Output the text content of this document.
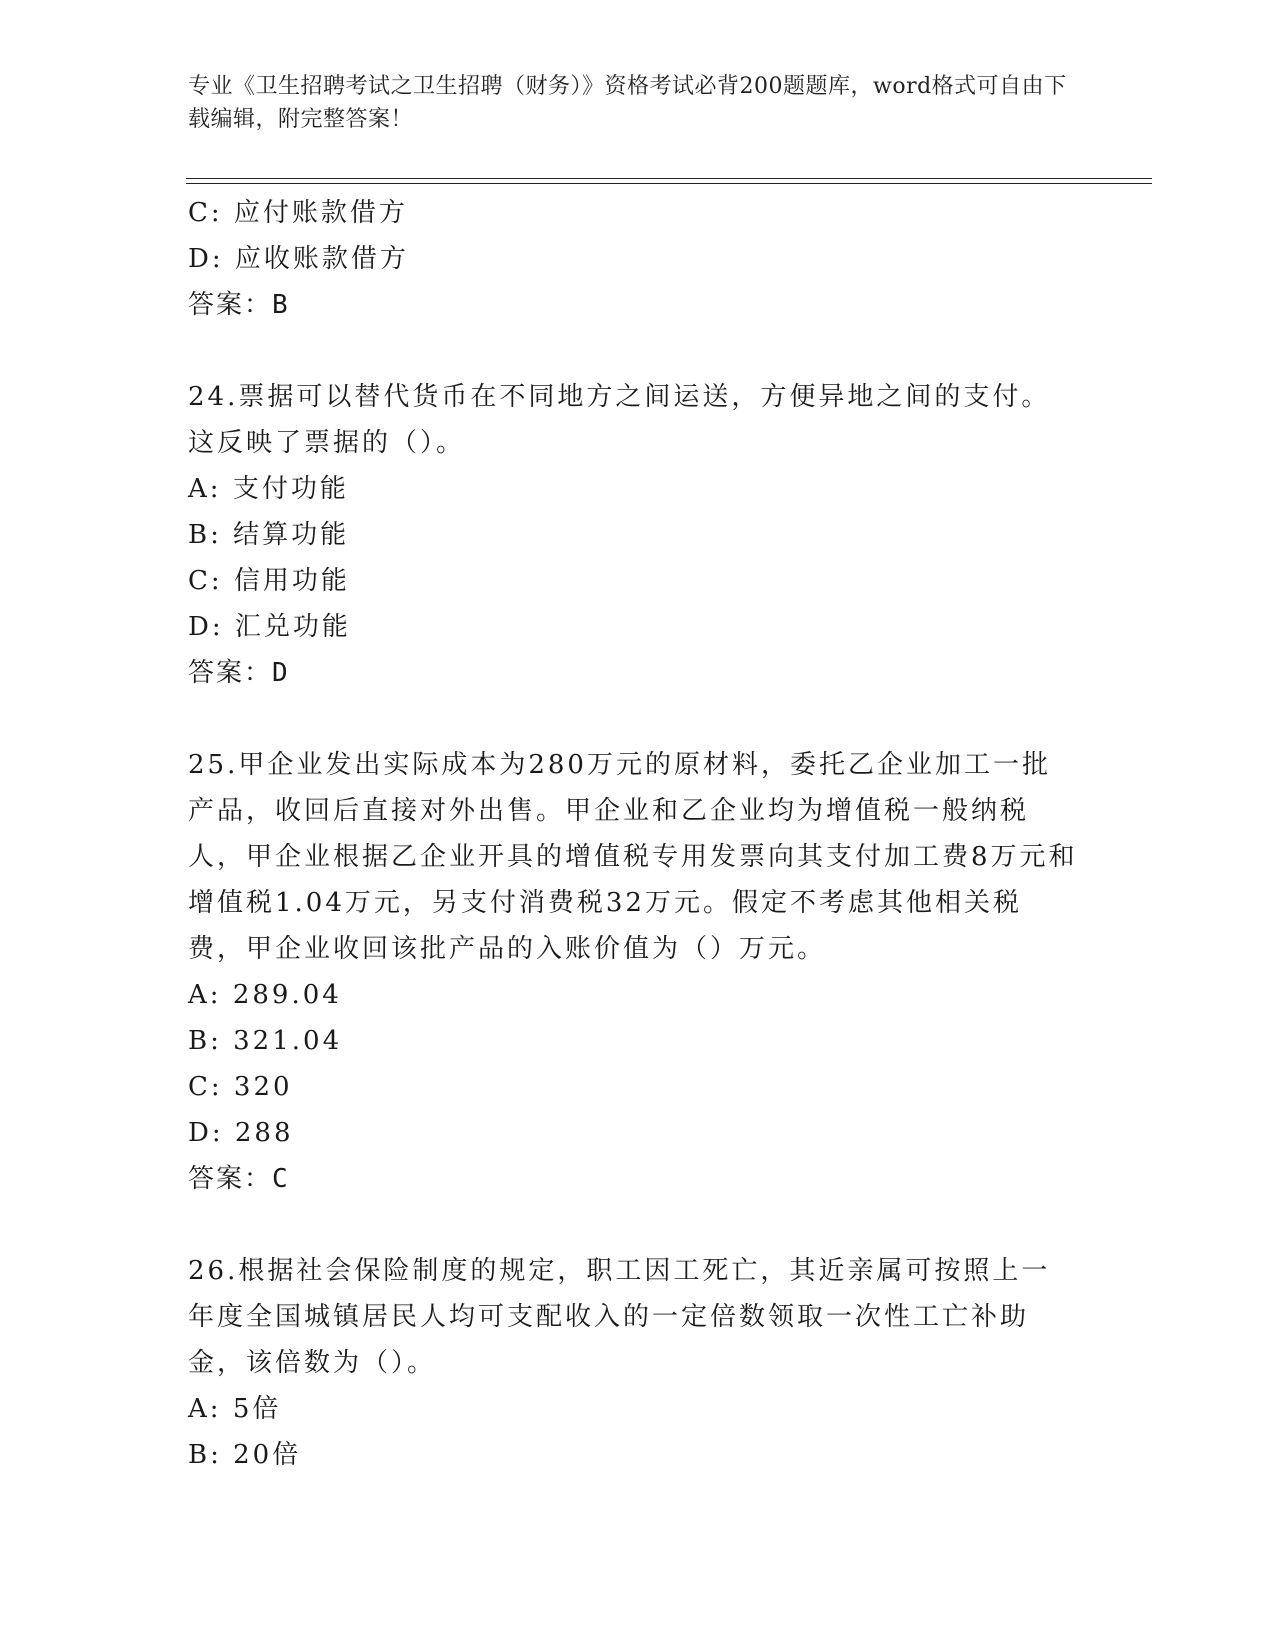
专业《卫生招聘考试之卫生招聘（财务）》资格考试必背200题题库，word格式可自由下载编辑，附完整答案！
C: 应付账款借方
D: 应收账款借方
答案：B
24.票据可以替代货币在不同地方之间运送，方便异地之间的支付。这反映了票据的（）。
A: 支付功能
B: 结算功能
C: 信用功能
D: 汇兑功能
答案：D
25.甲企业发出实际成本为280万元的原材料，委托乙企业加工一批产品，收回后直接对外出售。甲企业和乙企业均为增值税一般纳税人，甲企业根据乙企业开具的增值税专用发票向其支付加工费8万元和增值税1.04万元，另支付消费税32万元。假定不考虑其他相关税费，甲企业收回该批产品的入账价值为（）万元。
A: 289.04
B: 321.04
C: 320
D: 288
答案：C
26.根据社会保险制度的规定，职工因工死亡，其近亲属可按照上一年度全国城镇居民人均可支配收入的一定倍数领取一次性工亡补助金，该倍数为（）。
A: 5倍
B: 20倍
